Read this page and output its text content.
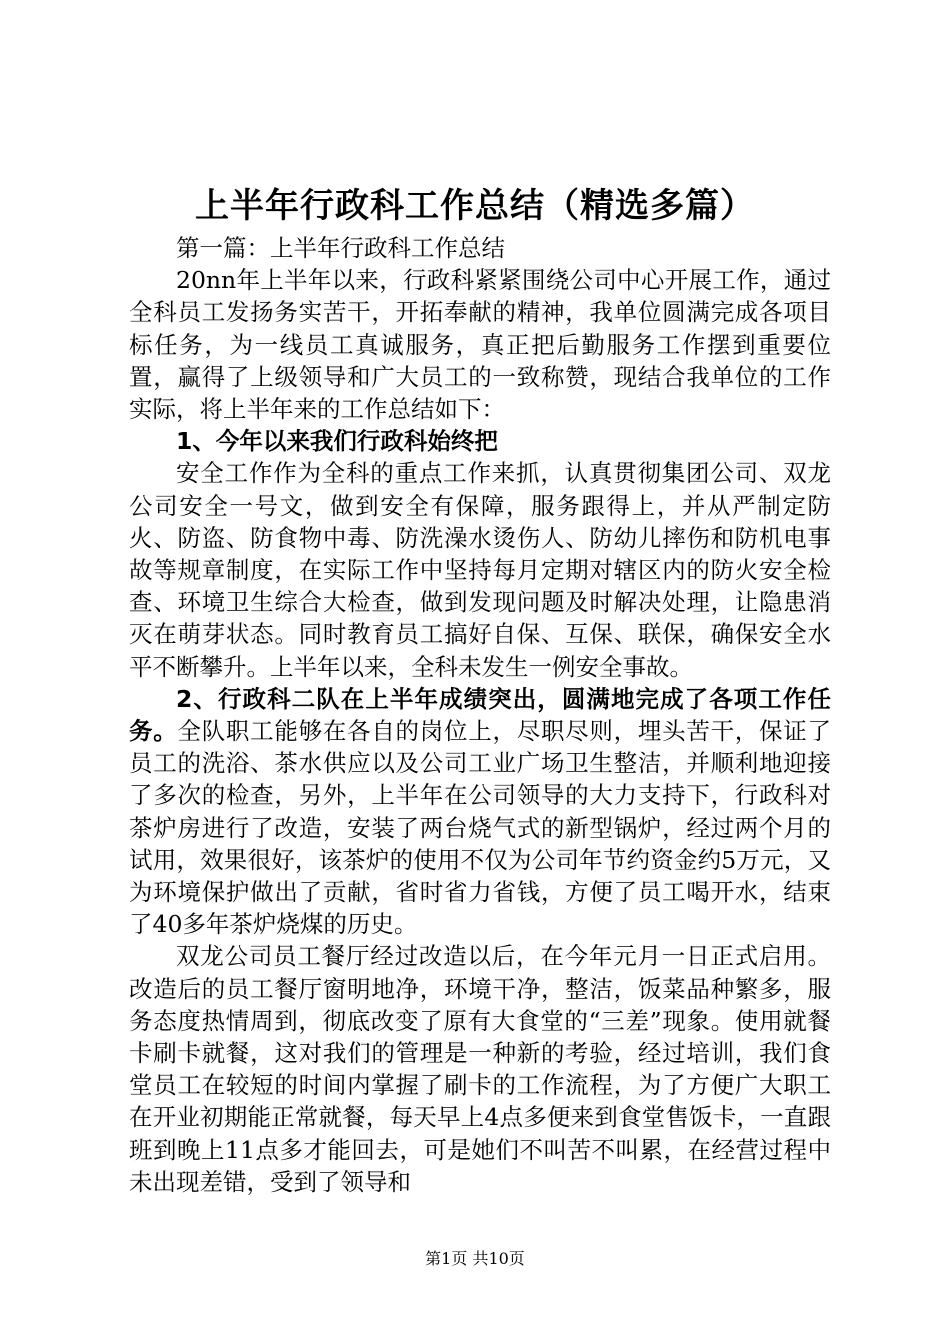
上半年行政科工作总结（精选多篇）

第一篇：上半年行政科工作总结

20nn年上半年以来，行政科紧紧围绕公司中心开展工作，通过全科员工发扬务实苦干，开拓奉献的精神，我单位圆满完成各项目标任务，为一线员工真诚服务，真正把后勤服务工作摆到重要位置，赢得了上级领导和广大员工的一致称赞，现结合我单位的工作实际，将上半年来的工作总结如下：

1、今年以来我们行政科始终把

安全工作作为全科的重点工作来抓，认真贯彻集团公司、双龙公司安全一号文，做到安全有保障，服务跟得上，并从严制定防火、防盗、防食物中毒、防洗澡水烫伤人、防幼儿摔伤和防机电事故等规章制度，在实际工作中坚持每月定期对辖区内的防火安全检查、环境卫生综合大检查，做到发现问题及时解决处理，让隐患消灭在萌芽状态。同时教育员工搞好自保、互保、联保，确保安全水平不断攀升。上半年以来，全科未发生一例安全事故。

2、行政科二队在上半年成绩突出，圆满地完成了各项工作任务。全队职工能够在各自的岗位上，尽职尽则，埋头苦干，保证了员工的洗浴、茶水供应以及公司工业广场卫生整洁，并顺利地迎接了多次的检查，另外，上半年在公司领导的大力支持下，行政科对茶炉房进行了改造，安装了两台烧气式的新型锅炉，经过两个月的试用，效果很好，该茶炉的使用不仅为公司年节约资金约5万元，又为环境保护做出了贡献，省时省力省钱，方便了员工喝开水，结束了40多年茶炉烧煤的历史。

双龙公司员工餐厅经过改造以后，在今年元月一日正式启用。改造后的员工餐厅窗明地净，环境干净，整洁，饭菜品种繁多，服务态度热情周到，彻底改变了原有大食堂的“三差”现象。使用就餐卡刷卡就餐，这对我们的管理是一种新的考验，经过培训，我们食堂员工在较短的时间内掌握了刷卡的工作流程，为了方便广大职工在开业初期能正常就餐，每天早上4点多便来到食堂售饭卡，一直跟班到晚上11点多才能回去，可是她们不叫苦不叫累，在经营过程中未出现差错，受到了领导和

第1页 共10页
